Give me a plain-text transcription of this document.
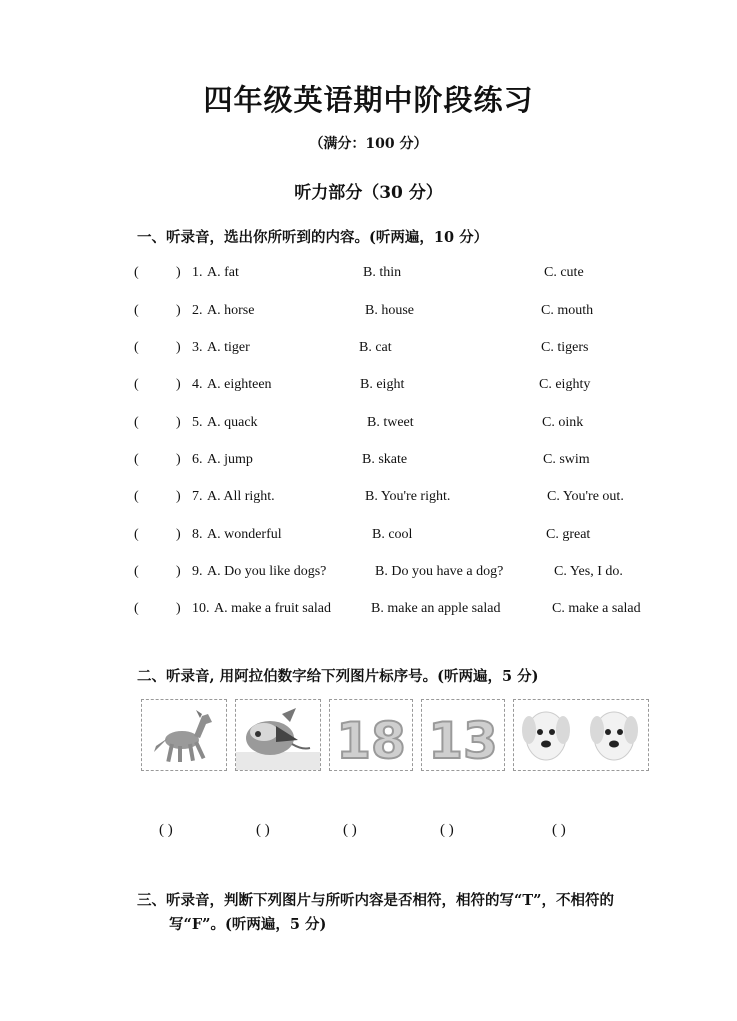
四年级英语期中阶段练习
（满分：100 分）
听力部分（30 分）
一、听录音，选出你所听到的内容。(听两遍，10 分）
(	) 1. A. fat	B. thin	C. cute
(	) 2. A. horse	B. house	C. mouth
(	) 3. A. tiger	B. cat	C. tigers
(	) 4. A. eighteen	B. eight	C. eighty
(	) 5. A. quack	B. tweet	C. oink
(	) 6. A. jump	B. skate	C. swim
(	) 7. A. All right.	B. You're right.	C. You're out.
(	) 8. A. wonderful	B. cool	C. great
(	) 9. A. Do you like dogs?	B. Do you have a dog?	C. Yes, I do.
(	) 10. A. make a fruit salad	B. make an apple salad	C. make a salad
二、听录音, 用阿拉伯数字给下列图片标序号。(听两遍，5 分)
18 13
( )	( )	( )	( )	( )
三、听录音，判断下列图片与所听内容是否相符，相符的写“T”，不相符的
写“F”。(听两遍，5 分)
